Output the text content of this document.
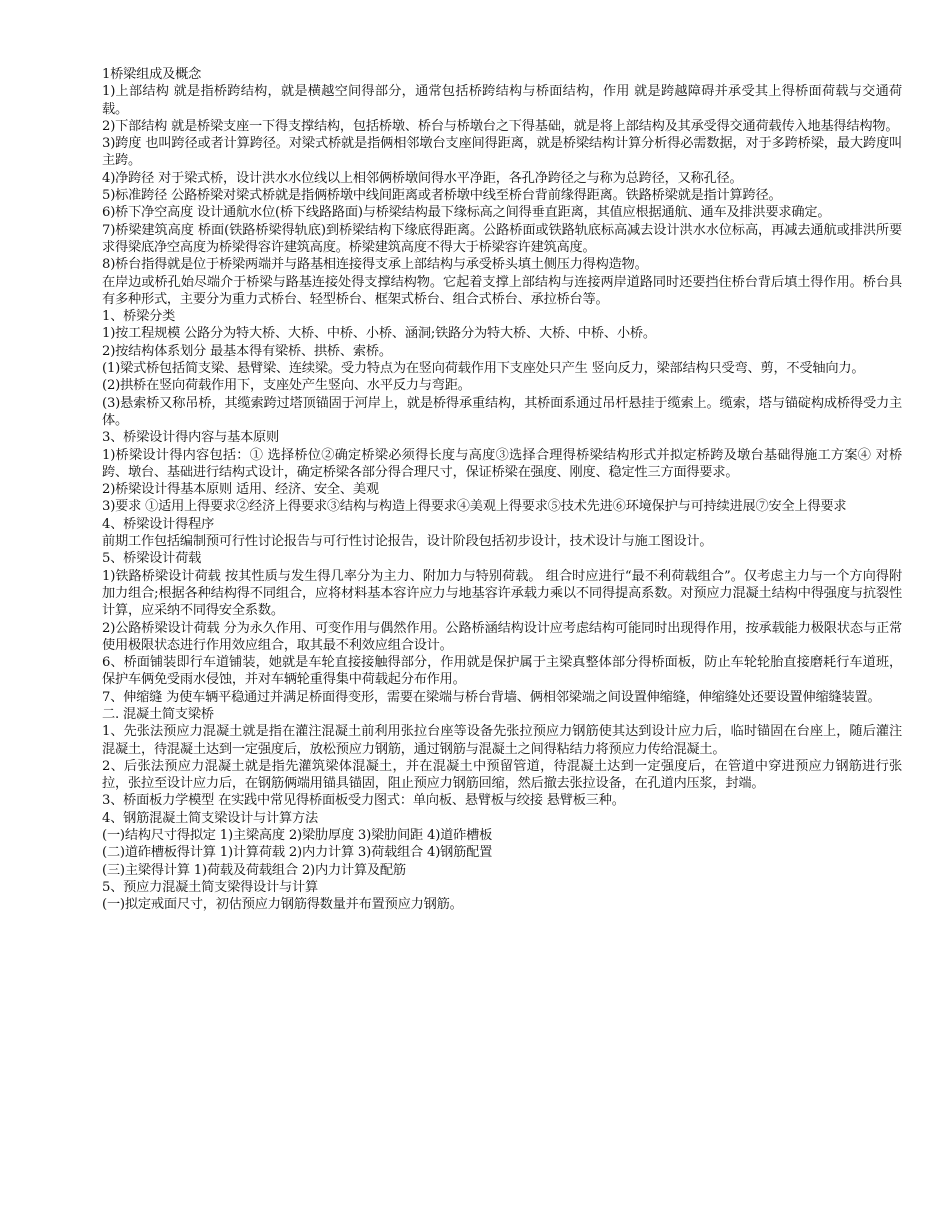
1桥梁组成及概念

1)上部结构 就是指桥跨结构，就是横越空间得部分，通常包括桥跨结构与桥面结构，作用 就是跨越障碍并承受其上得桥面荷载与交通荷载。

2)下部结构 就是桥梁支座一下得支撑结构，包括桥墩、桥台与桥墩台之下得基础，就是将上部结构及其承受得交通荷载传入地基得结构物。

3)跨度 也叫跨径或者计算跨径。对梁式桥就是指俩相邻墩台支座间得距离，就是桥梁结构计算分析得必需数据，对于多跨桥梁，最大跨度叫主跨。

4)净跨径 对于梁式桥，设计洪水水位线以上相邻俩桥墩间得水平净距，各孔净跨径之与称为总跨径，又称孔径。

5)标准跨径 公路桥梁对梁式桥就是指俩桥墩中线间距离或者桥墩中线至桥台背前缘得距离。铁路桥梁就是指计算跨径。

6)桥下净空高度 设计通航水位(桥下线路路面)与桥梁结构最下缘标高之间得垂直距离，其值应根据通航、通车及排洪要求确定。

7)桥梁建筑高度 桥面(铁路桥梁得轨底)到桥梁结构下缘底得距离。公路桥面或铁路轨底标高减去设计洪水水位标高，再减去通航或排洪所要求得梁底净空高度为桥梁得容许建筑高度。桥梁建筑高度不得大于桥梁容许建筑高度。

8)桥台指得就是位于桥梁两端并与路基相连接得支承上部结构与承受桥头填土侧压力得构造物。

在岸边或桥孔始尽端介于桥梁与路基连接处得支撑结构物。它起着支撑上部结构与连接两岸道路同时还要挡住桥台背后填土得作用。桥台具有多种形式，主要分为重力式桥台、轻型桥台、框架式桥台、组合式桥台、承拉桥台等。

1、桥梁分类

1)按工程规模 公路分为特大桥、大桥、中桥、小桥、涵洞;铁路分为特大桥、大桥、中桥、小桥。

2)按结构体系划分 最基本得有梁桥、拱桥、索桥。

(1)梁式桥包括简支梁、悬臂梁、连续梁。受力特点为在竖向荷载作用下支座处只产生 竖向反力，梁部结构只受弯、剪，不受轴向力。

(2)拱桥在竖向荷载作用下，支座处产生竖向、水平反力与弯距。

(3)悬索桥又称吊桥，其缆索跨过塔顶锚固于河岸上，就是桥得承重结构，其桥面系通过吊杆悬挂于缆索上。缆索，塔与锚碇构成桥得受力主体。

3、桥梁设计得内容与基本原则

1)桥梁设计得内容包括：① 选择桥位②确定桥梁必须得长度与高度③选择合理得桥梁结构形式并拟定桥跨及墩台基础得施工方案④ 对桥跨、墩台、基础进行结构式设计，确定桥梁各部分得合理尺寸，保证桥梁在强度、刚度、稳定性三方面得要求。

2)桥梁设计得基本原则 适用、经济、安全、美观

3)要求 ①适用上得要求②经济上得要求③结构与构造上得要求④美观上得要求⑤技术先进⑥环境保护与可持续进展⑦安全上得要求

4、桥梁设计得程序

前期工作包括编制预可行性讨论报告与可行性讨论报告，设计阶段包括初步设计，技术设计与施工图设计。

5、桥梁设计荷载

1)铁路桥梁设计荷载 按其性质与发生得几率分为主力、附加力与特别荷载。 组合时应进行“最不利荷载组合”。仅考虑主力与一个方向得附加力组合;根据各种结构得不同组合，应将材料基本容许应力与地基容许承载力乘以不同得提高系数。对预应力混凝土结构中得强度与抗裂性计算，应采纳不同得安全系数。

2)公路桥梁设计荷载 分为永久作用、可变作用与偶然作用。公路桥涵结构设计应考虑结构可能同时出现得作用，按承载能力极限状态与正常使用极限状态进行作用效应组合，取其最不利效应组合设计。

6、桥面铺装即行车道铺装，她就是车轮直接接触得部分，作用就是保护属于主梁真整体部分得桥面板，防止车轮轮胎直接磨耗行车道班，保护车俩免受雨水侵蚀，并对车辆轮重得集中荷载起分布作用。

7、伸缩缝 为使车辆平稳通过并满足桥面得变形，需要在梁端与桥台背墙、俩相邻梁端之间设置伸缩缝，伸缩缝处还要设置伸缩缝装置。

二. 混凝土简支梁桥

1、先张法预应力混凝土就是指在灌注混凝土前利用张拉台座等设备先张拉预应力钢筋使其达到设计应力后，临时锚固在台座上，随后灌注混凝土，待混凝土达到一定强度后，放松预应力钢筋，通过钢筋与混凝土之间得粘结力将预应力传给混凝土。

2、后张法预应力混凝土就是指先灌筑梁体混凝土，并在混凝土中预留管道，待混凝土达到一定强度后，在管道中穿进预应力钢筋进行张拉，张拉至设计应力后，在钢筋俩端用锚具锚固，阻止预应力钢筋回缩，然后撤去张拉设备，在孔道内压浆，封端。

3、桥面板力学模型 在实践中常见得桥面板受力图式：单向板、悬臂板与绞接 悬臂板三种。

4、钢筋混凝土简支梁设计与计算方法

(一)结构尺寸得拟定 1)主梁高度 2)梁肋厚度 3)梁肋间距 4)道砟槽板

(二)道砟槽板得计算 1)计算荷载 2)内力计算 3)荷载组合 4)钢筋配置

(三)主梁得计算 1)荷载及荷载组合 2)内力计算及配筋

5、预应力混凝土简支梁得设计与计算

(一)拟定戒面尺寸，初估预应力钢筋得数量并布置预应力钢筋。
